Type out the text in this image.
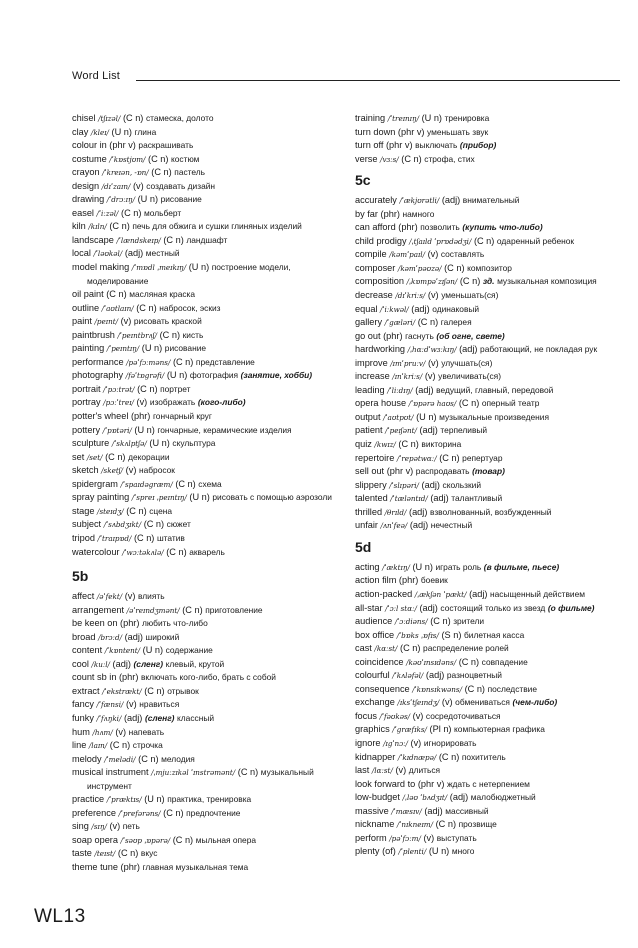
Word List
chisel /tʃɪzəl/ (C n) стамеска, долото
clay /kleɪ/ (U n) глина
colour in (phr v) раскрашивать
costume /ˈkɒstjʊm/ (C n) костюм
crayon /ˈkreɪən, -ɒn/ (C n) пастель
design /dɪˈzaɪn/ (v) создавать дизайн
drawing /ˈdrɔːɪŋ/ (U n) рисование
easel /ˈiːzəl/ (C n) мольберт
kiln /kɪln/ (C n) печь для обжига и сушки глиняных изделий
landscape /ˈlændskeɪp/ (C n) ландшафт
local /ˈləʊkəl/ (adj) местный
model making /ˈmɒdl ˌmeɪkɪŋ/ (U n) построение модели, моделирование
oil paint (C n) масляная краска
outline /ˈaʊtlaɪn/ (C n) набросок, эскиз
paint /peɪnt/ (v) рисовать краской
paintbrush /ˈpeɪntbrʌʃ/ (C n) кисть
painting /ˈpeɪntɪŋ/ (U n) рисование
performance /pəˈfɔːməns/ (C n) представление
photography /fəˈtɒgrəfi/ (U n) фотография (занятие, хобби)
portrait /ˈpɔːtrət/ (C n) портрет
portray /pɔːˈtreɪ/ (v) изображать (кого-либо)
potter's wheel (phr) гончарный круг
pottery /ˈpɒtəri/ (U n) гончарные, керамические изделия
sculpture /ˈskʌlptʃə/ (U n) скульптура
set /set/ (C n) декорации
sketch /sketʃ/ (v) набросок
spidergram /ˈspaɪdəgræm/ (C n) схема
spray painting /ˈspreɪ ˌpeɪntɪŋ/ (U n) рисовать с помощью аэрозоли
stage /steɪdʒ/ (C n) сцена
subject /ˈsʌbdʒɪkt/ (C n) сюжет
tripod /ˈtraɪpɒd/ (C n) штатив
watercolour /ˈwɔːtəkʌlə/ (C n) акварель
5b
affect /əˈfekt/ (v) влиять
arrangement /əˈreɪndʒmənt/ (C n) приготовление
be keen on (phr) любить что-либо
broad /brɔːd/ (adj) широкий
content /ˈkɒntent/ (U n) содержание
cool /kuːl/ (adj) (сленг) клевый, крутой
count sb in (phr) включать кого-либо, брать с собой
extract /ˈekstrækt/ (C n) отрывок
fancy /ˈfænsi/ (v) нравиться
funky /ˈfʌŋki/ (adj) (сленг) классный
hum /hʌm/ (v) напевать
line /laɪn/ (C n) строчка
melody /ˈmelədi/ (C n) мелодия
musical instrument /ˌmjuːzɪkəl ˈɪnstrəmənt/ (C n) музыкальный инструмент
practice /ˈpræktɪs/ (U n) практика, тренировка
preference /ˈprefərəns/ (C n) предпочтение
sing /sɪŋ/ (v) петь
soap opera /ˈsəʊp ˌɒpərə/ (C n) мыльная опера
taste /teɪst/ (C n) вкус
theme tune (phr) главная музыкальная тема
training /ˈtreɪnɪŋ/ (U n) тренировка
turn down (phr v) уменьшать звук
turn off (phr v) выключать (прибор)
verse /vɜːs/ (C n) строфа, стих
5c
accurately /ˈækjʊrətli/ (adj) внимательный
by far (phr) намного
can afford (phr) позволить (купить что-либо)
child prodigy /ˌtʃaɪld ˈprɒdədʒi/ (C n) одаренный ребенок
compile /kəmˈpaɪl/ (v) составлять
composer /kəmˈpəʊzə/ (C n) композитор
composition /ˌkɒmpəˈzɪʃən/ (C n) зд. музыкальная композиция
decrease /dɪˈkriːs/ (v) уменьшать(ся)
equal /ˈiːkwəl/ (adj) одинаковый
gallery /ˈgæləri/ (C n) галерея
go out (phr) гаснуть (об огне, свете)
hardworking /ˌhɑːdˈwɜːkɪŋ/ (adj) работающий, не покладая рук
improve /ɪmˈpruːv/ (v) улучшать(ся)
increase /ɪnˈkriːs/ (v) увеличивать(ся)
leading /ˈliːdɪŋ/ (adj) ведущий, главный, передовой
opera house /ˈɒpərə haʊs/ (C n) оперный театр
output /ˈaʊtpʊt/ (U n) музыкальные произведения
patient /ˈpeɪʃənt/ (adj) терпеливый
quiz /kwɪz/ (C n) викторина
repertoire /ˈrepətwɑː/ (C n) репертуар
sell out (phr v) распродавать (товар)
slippery /ˈslɪpəri/ (adj) скользкий
talented /ˈtæləntɪd/ (adj) талантливый
thrilled /θrɪld/ (adj) взволнованный, возбужденный
unfair /ʌnˈfeə/ (adj) нечестный
5d
acting /ˈæktɪŋ/ (U n) играть роль (в фильме, пьесе)
action film (phr) боевик
action-packed /ˌækʃən ˈpækt/ (adj) насыщенный действием
all-star /ˈɔːl stɑː/ (adj) состоящий только из звезд (о фильме)
audience /ˈɔːdiəns/ (C n) зрители
box office /ˈbɒks ˌɒfɪs/ (S n) билетная касса
cast /kɑːst/ (C n) распределение ролей
coincidence /kəʊˈɪnsɪdəns/ (C n) совпадение
colourful /ˈkʌləfəl/ (adj) разноцветный
consequence /ˈkɒnsɪkwəns/ (C n) последствие
exchange /ɪksˈtʃeɪndʒ/ (v) обмениваться (чем-либо)
focus /ˈfəʊkəs/ (v) сосредоточиваться
graphics /ˈgræfɪks/ (Pl n) компьютерная графика
ignore /ɪgˈnɔː/ (v) игнорировать
kidnapper /ˈkɪdnæpə/ (C n) похититель
last /lɑːst/ (v) длиться
look forward to (phr v) ждать с нетерпением
low-budget /ˌləʊ ˈbʌdʒɪt/ (adj) малобюджетный
massive /ˈmæsɪv/ (adj) массивный
nickname /ˈnɪkneɪm/ (C n) прозвище
perform /pəˈfɔːm/ (v) выступать
plenty (of) /ˈplenti/ (U n) много
WL13
